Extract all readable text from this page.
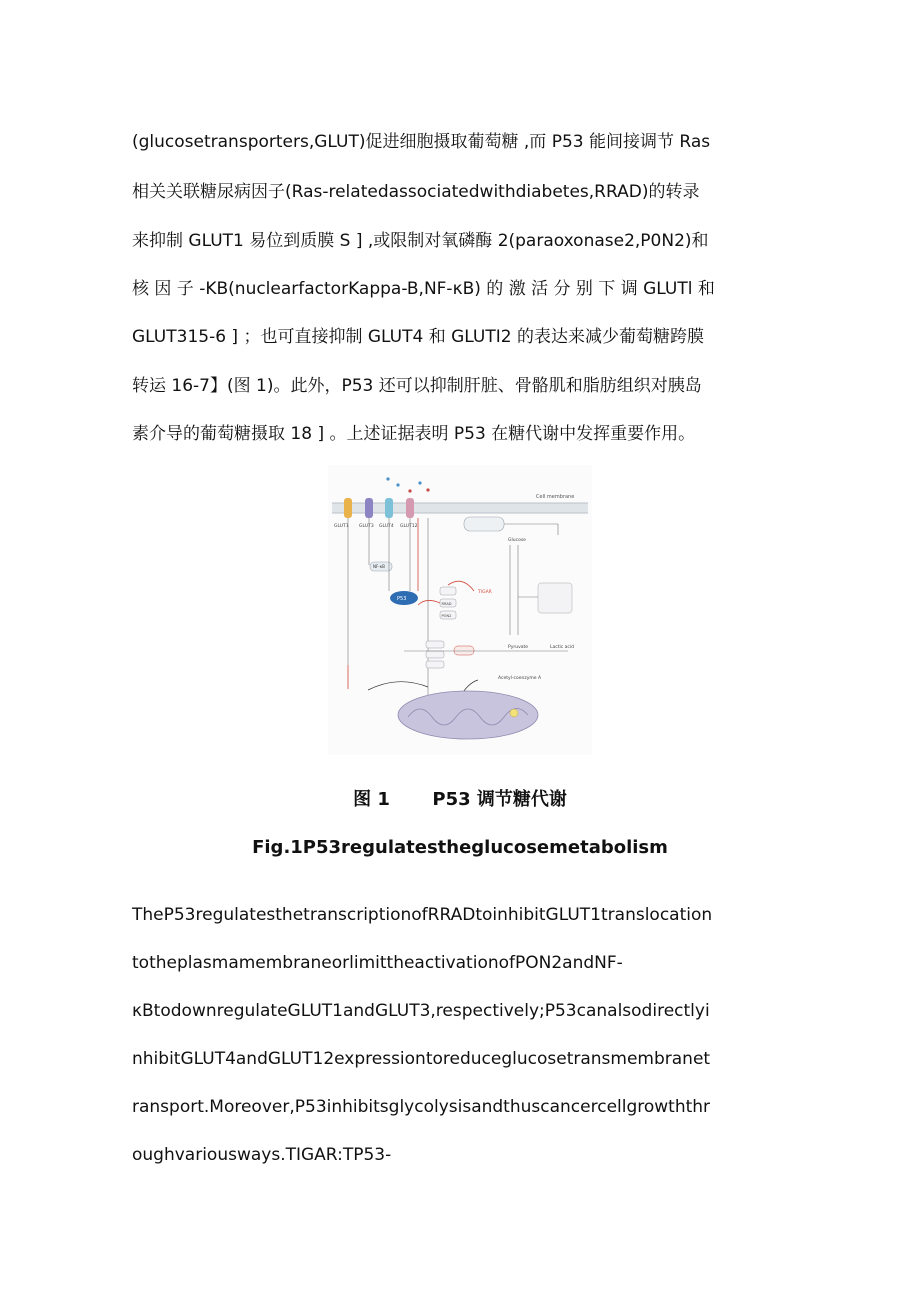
(glucosetransporters,GLUT)促进细胞摄取葡萄糖 ,而 P53 能间接调节 Ras
相关关联糖尿病因子(Ras-relatedassociatedwithdiabetes,RRAD)的转录
来抑制 GLUT1 易位到质膜 S ] ,或限制对氧磷酶 2(paraoxonase2,P0N2)和
核 因 子 -KB(nuclearfactorKappa-B,NF-κB) 的 激 活 分 别 下 调 GLUTl 和
GLUT315-6 ] ；也可直接抑制 GLUT4 和 GLUTI2 的表达来减少葡萄糖跨膜
转运 16-7】(图 1)。此外，P53 还可以抑制肝脏、骨骼肌和脂肪组织对胰岛
素介导的葡萄糖摄取 18 ] 。上述证据表明 P53 在糖代谢中发挥重要作用。
Cell membrane
GLUT1 GLUT3 GLUT4 GLUT12
P53
NF-κB
Glucose
RRAD
PON2
TIGAR
Pyruvate	Lactic acid
Acetyl-coenzyme A
图 1 P53 调节糖代谢
Fig.1P53regulatestheglucosemetabolism
TheP53regulatesthetranscriptionofRRADtoinhibitGLUT1translocation
totheplasmamembraneorlimittheactivationofPON2andNF-
κBtodownregulateGLUT1andGLUT3,respectively;P53canalsodirectlyi
nhibitGLUT4andGLUT12expressiontoreduceglucosetransmembranet
ransport.Moreover,P53inhibitsglycolysisandthuscancercellgrowththr
oughvariousways.TIGAR:TP53-
